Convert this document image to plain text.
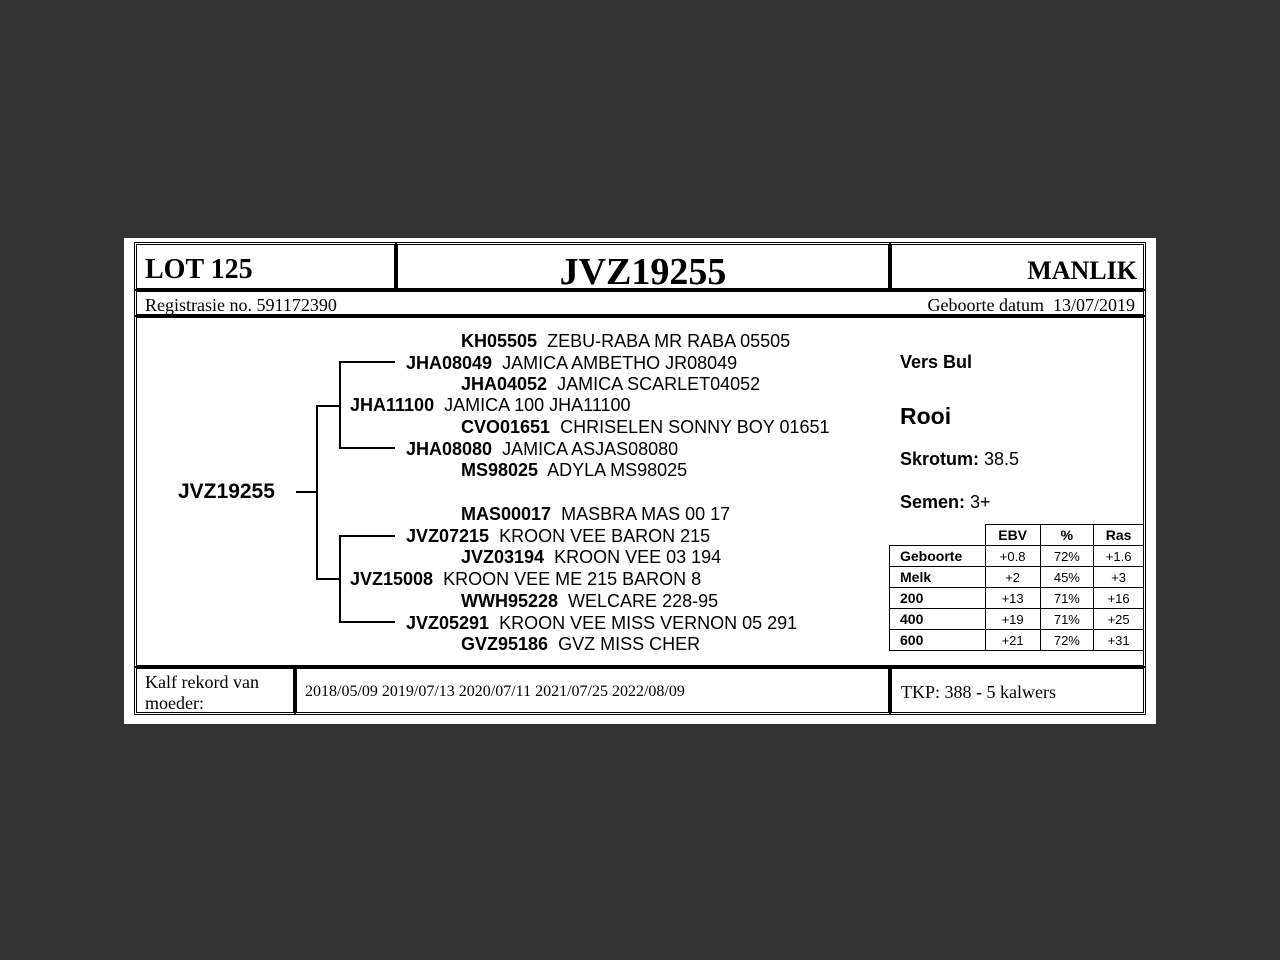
LOT 125	JVZ19255	MANLIK
Registrasie no. 591172390	Geboorte datum 13/07/2019
JVZ19255
KH05505 ZEBU-RABA MR RABA 05505
JHA08049 JAMICA AMBETHO JR08049
JHA04052 JAMICA SCARLET04052
JHA11100 JAMICA 100 JHA11100
CVO01651 CHRISELEN SONNY BOY 01651
JHA08080 JAMICA ASJAS08080
MS98025 ADYLA MS98025
MAS00017 MASBRA MAS 00 17
JVZ07215 KROON VEE BARON 215
JVZ03194 KROON VEE 03 194
JVZ15008 KROON VEE ME 215 BARON 8
WWH95228 WELCARE 228-95
JVZ05291 KROON VEE MISS VERNON 05 291
GVZ95186 GVZ MISS CHER
Vers Bul
Rooi
Skrotum: 38.5
Semen: 3+
	EBV	%	Ras
Geboorte	+0.8	72%	+1.6
Melk	+2	45%	+3
200	+13	71%	+16
400	+19	71%	+25
600	+21	72%	+31
Kalf rekord van
moeder:
2018/05/09 2019/07/13 2020/07/11 2021/07/25 2022/08/09	TKP: 388 - 5 kalwers
